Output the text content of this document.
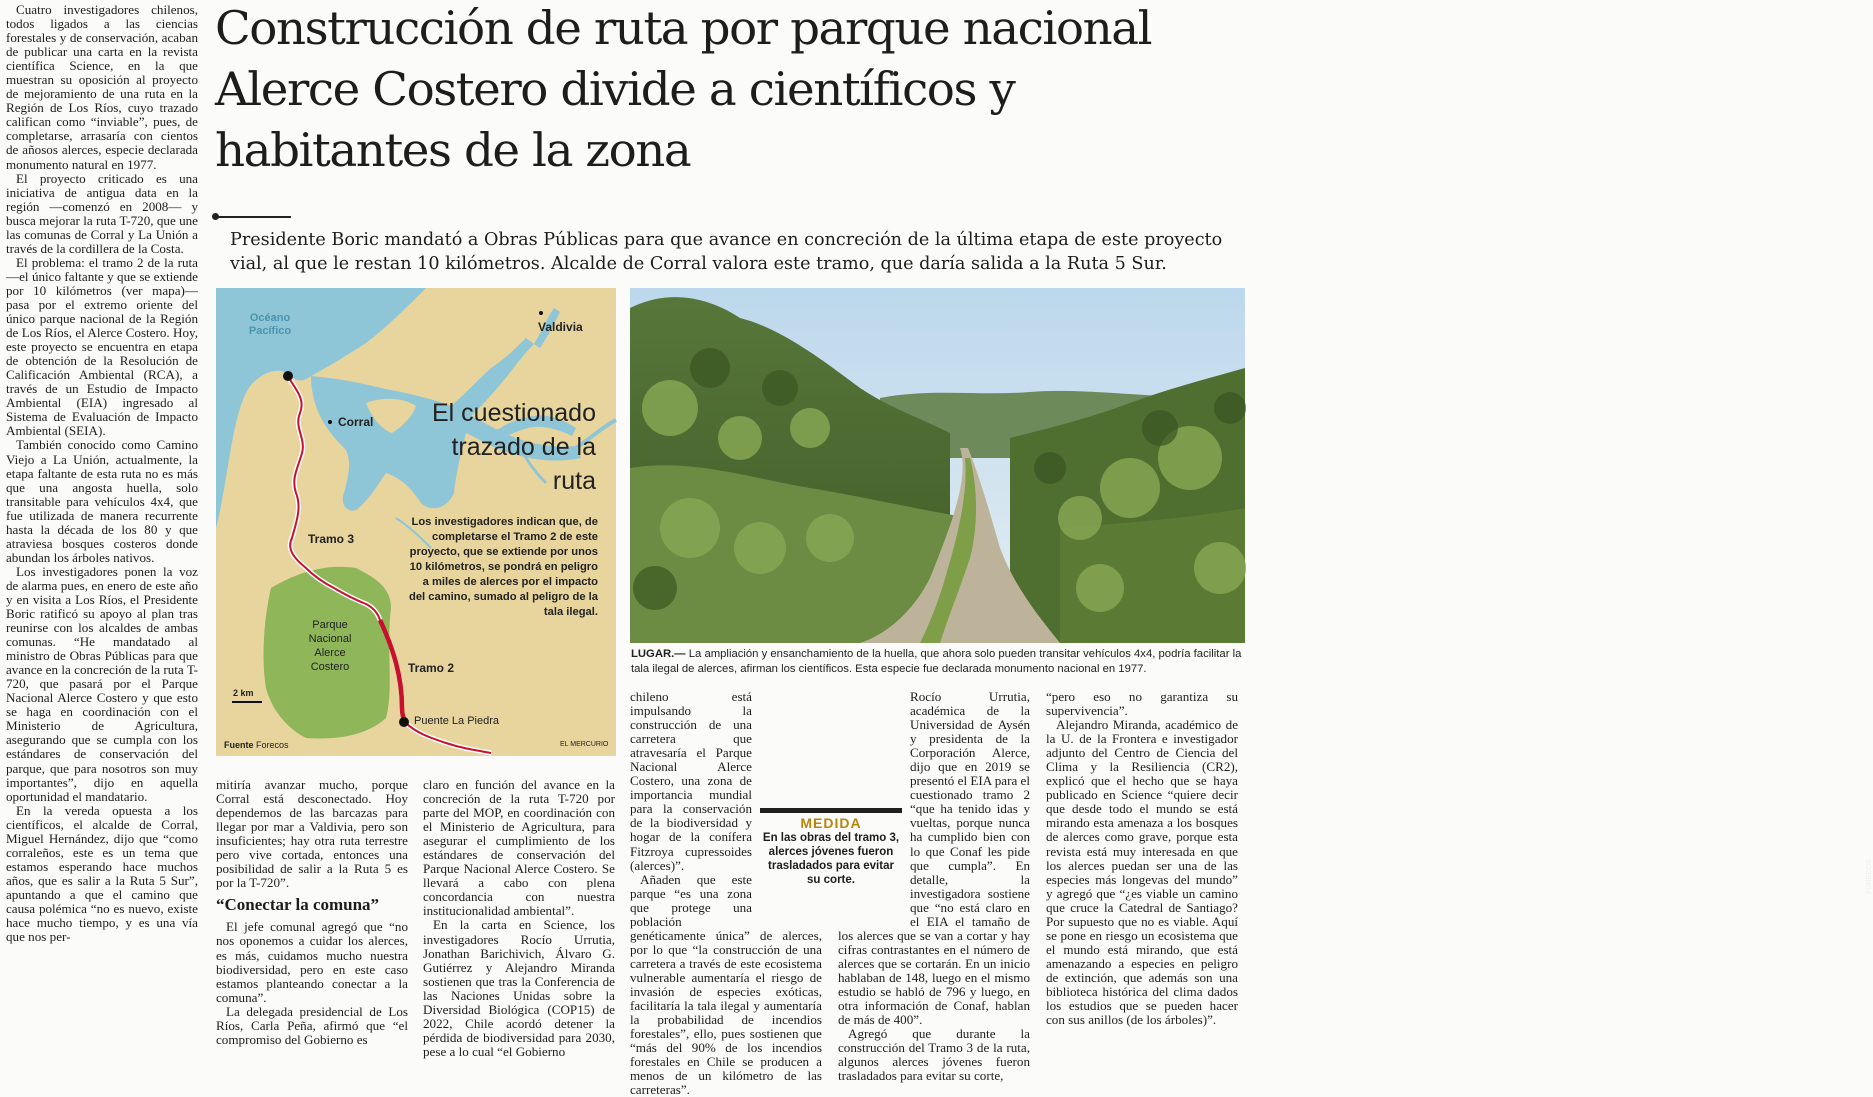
Construcción de ruta por parque nacional Alerce Costero divide a científicos y habitantes de la zona
Presidente Boric mandató a Obras Públicas para que avance en concreción de la última etapa de este proyecto vial, al que le restan 10 kilómetros. Alcalde de Corral valora este tramo, que daría salida a la Ruta 5 Sur.

Cuatro investigadores chilenos, todos ligados a las ciencias forestales y de conservación, acaban de publicar una carta en la revista científica Science, en la que muestran su oposición al proyecto de mejoramiento de una ruta en la Región de Los Ríos, cuyo trazado califican como “inviable”, pues, de completarse, arrasaría con cientos de añosos alerces, especie declarada monumento natural en 1977.

El proyecto criticado es una iniciativa de antigua data en la región —comenzó en 2008— y busca mejorar la ruta T-720, que une las comunas de Corral y La Unión a través de la cordillera de la Costa.

El problema: el tramo 2 de la ruta —el único faltante y que se extiende por 10 kilómetros (ver mapa)— pasa por el extremo oriente del único parque nacional de la Región de Los Ríos, el Alerce Costero. Hoy, este proyecto se encuentra en etapa de obtención de la Resolución de Calificación Ambiental (RCA), a través de un Estudio de Impacto Ambiental (EIA) ingresado al Sistema de Evaluación de Impacto Ambiental (SEIA).

También conocido como Camino Viejo a La Unión, actualmente, la etapa faltante de esta ruta no es más que una angosta huella, solo transitable para vehículos 4x4, que fue utilizada de manera recurrente hasta la década de los 80 y que atraviesa bosques costeros donde abundan los árboles nativos.

Los investigadores ponen la voz de alarma pues, en enero de este año y en visita a Los Ríos, el Presidente Boric ratificó su apoyo al plan tras reunirse con los alcaldes de ambas comunas. “He mandatado al ministro de Obras Públicas para que avance en la concreción de la ruta T-720, que pasará por el Parque Nacional Alerce Costero y que esto se haga en coordinación con el Ministerio de Agricultura, asegurando que se cumpla con los estándares de conservación del parque, que para nosotros son muy importantes”, dijo en aquella oportunidad el mandatario.

En la vereda opuesta a los científicos, el alcalde de Corral, Miguel Hernández, dijo que “como corraleños, este es un tema que estamos esperando hace muchos años, que es salir a la Ruta 5 Sur”, apuntando a que el camino que causa polémica “no es nuevo, existe hace mucho tiempo, y es una vía que nos per-

Océano Pacífico	Valdivia
Corral	El cuestionado trazado de la ruta
Los investigadores indican que, de completarse el Tramo 2 de este proyecto, que se extiende por unos 10 kilómetros, se pondrá en peligro a miles de alerces por el impacto del camino, sumado al peligro de la tala ilegal.
Tramo 3
Tramo 2
Parque Nacional Alerce Costero
Puente La Piedra
2 km
Fuente Forecos	EL MERCURIO
FORECOS
LUGAR.— La ampliación y ensanchamiento de la huella, que ahora solo pueden transitar vehículos 4x4, podría facilitar la tala ilegal de alerces, afirman los científicos. Esta especie fue declarada monumento nacional en 1977.

mitiría avanzar mucho, porque Corral está desconectado. Hoy dependemos de las barcazas para llegar por mar a Valdivia, pero son insuficientes; hay otra ruta terrestre pero vive cortada, entonces una posibilidad de salir a la Ruta 5 es por la T-720”.

“Conectar la comuna”

El jefe comunal agregó que “no nos oponemos a cuidar los alerces, es más, cuidamos mucho nuestra biodiversidad, pero en este caso estamos planteando conectar a la comuna”.

La delegada presidencial de Los Ríos, Carla Peña, afirmó que “el compromiso del Gobierno es

claro en función del avance en la concreción de la ruta T-720 por parte del MOP, en coordinación con el Ministerio de Agricultura, para asegurar el cumplimiento de los estándares de conservación del Parque Nacional Alerce Costero. Se llevará a cabo con plena concordancia con nuestra institucionalidad ambiental”.

En la carta en Science, los investigadores Rocío Urrutia, Jonathan Barichivich, Álvaro G. Gutiérrez y Alejandro Miranda sostienen que tras la Conferencia de las Naciones Unidas sobre la Diversidad Biológica (COP15) de 2022, Chile acordó detener la pérdida de biodiversidad para 2030, pese a lo cual “el Gobierno

chileno está impulsando la construcción de una carretera que atravesaría el Parque Nacional Alerce Costero, una zona de importancia mundial para la conservación de la biodiversidad y hogar de la conífera Fitzroya cupressoides (alerces)”.

Añaden que este parque “es una zona que protege una población genéticamente única” de alerces, por lo que “la construcción de una carretera a través de este ecosistema vulnerable aumentaría el riesgo de invasión de especies exóticas, facilitaría la tala ilegal y aumentaría la probabilidad de incendios forestales”, ello, pues sostienen que “más del 90% de los incendios forestales en Chile se producen a menos de un kilómetro de las carreteras”.

Rocío Urrutia, académica de la Universidad de Aysén y presidenta de la Corporación Alerce, dijo que en 2019 se presentó el EIA para el cuestionado tramo 2 “que ha tenido idas y vueltas, porque nunca ha cumplido bien con lo que Conaf les pide que cumpla”. En detalle, la investigadora sostiene que “no está claro en el EIA el tamaño de los alerces que se van a cortar y hay cifras contrastantes en el número de alerces que se cortarán. En un inicio hablaban de 148, luego en el mismo estudio se habló de 796 y luego, en otra información de Conaf, hablan de más de 400”.

Agregó que durante la construcción del Tramo 3 de la ruta, algunos alerces jóvenes fueron trasladados para evitar su corte,

“pero eso no garantiza su supervivencia”.

Alejandro Miranda, académico de la U. de la Frontera e investigador adjunto del Centro de Ciencia del Clima y la Resiliencia (CR2), explicó que el hecho que se haya publicado en Science “quiere decir que desde todo el mundo se está mirando esta amenaza a los bosques de alerces como grave, porque esta revista está muy interesada en que los alerces puedan ser una de las especies más longevas del mundo” y agregó que “¿es viable un camino que cruce la Catedral de Santiago? Por supuesto que no es viable. Aquí se pone en riesgo un ecosistema que el mundo está mirando, que está amenazando a especies en peligro de extinción, que además son una biblioteca histórica del clima dados los estudios que se pueden hacer con sus anillos (de los árboles)”.

MEDIDA
En las obras del tramo 3, alerces jóvenes fueron trasladados para evitar su corte.
